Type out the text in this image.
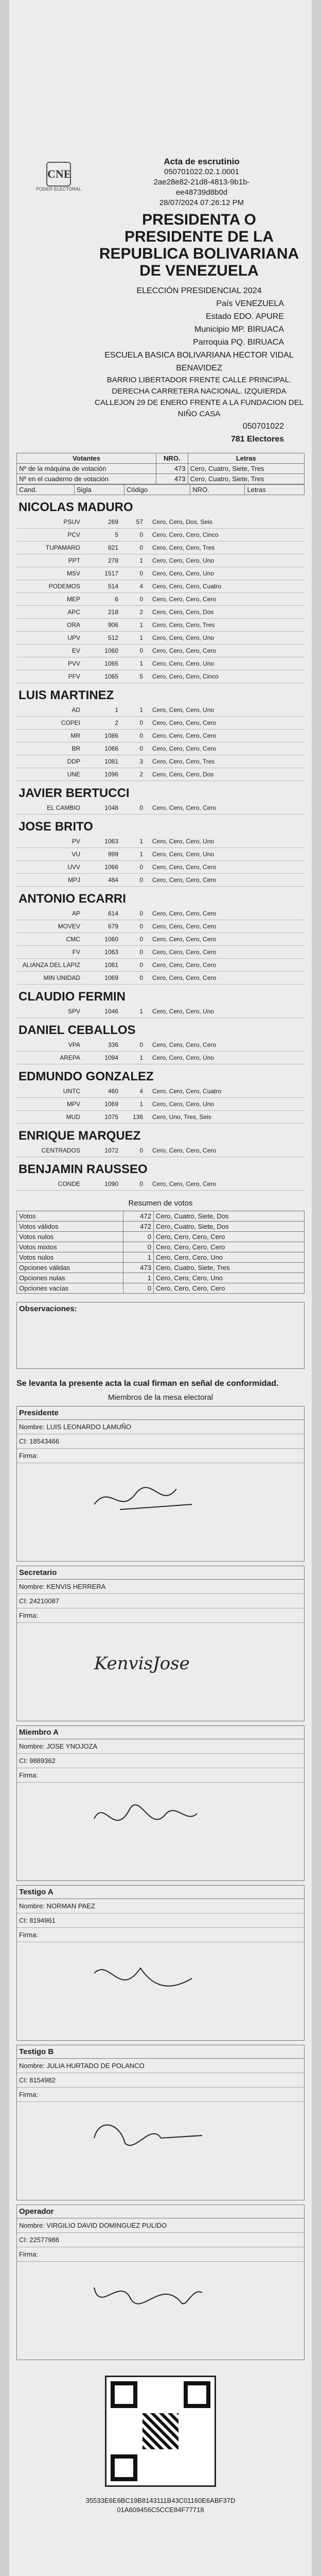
CNE
PODER ELECTORAL
Acta de escrutinio
050701022.02.1.0001
2ae28e82-21d8-4813-9b1b-
ee48739d8b0d
28/07/2024 07:26:12 PM
PRESIDENTA O PRESIDENTE DE LA REPUBLICA BOLIVARIANA DE VENEZUELA
ELECCIÓN PRESIDENCIAL 2024
País VENEZUELA
Estado EDO. APURE
Municipio MP. BIRUACA
Parroquia PQ. BIRUACA
ESCUELA BASICA BOLIVARIANA HECTOR VIDAL BENAVIDEZ
BARRIO LIBERTADOR FRENTE CALLE PRINCIPAL. DERECHA CARRETERA NACIONAL. IZQUIERDA CALLEJON 29 DE ENERO FRENTE A LA FUNDACION DEL NIÑO CASA
050701022
781 Electores
Votantes	NRO.	Letras
Nº de la máquina de votación	473	Cero, Cuatro, Siete, Tres
Nº en el cuaderno de votación	473	Cero, Cuatro, Siete, Tres
Cand.	Sigla	Código	NRO.	Letras
NICOLAS MADURO
PSUV	269	57	Cero, Cero, Dos, Seis
PCV	5	0	Cero, Cero, Cero, Cinco
TUPAMARO	821	0	Cero, Cero, Cero, Tres
PPT	278	1	Cero, Cero, Cero, Uno
MSV	1517	0	Cero, Cero, Cero, Uno
PODEMOS	514	4	Cero, Cero, Cero, Cuatro
MEP	6	0	Cero, Cero, Cero, Cero
APC	218	2	Cero, Cero, Cero, Dos
ORA	906	1	Cero, Cero, Cero, Tres
UPV	512	1	Cero, Cero, Cero, Uno
EV	1060	0	Cero, Cero, Cero, Cero
PVV	1065	1	Cero, Cero, Cero, Uno
PFV	1065	5	Cero, Cero, Cero, Cinco
LUIS MARTINEZ
AD	1	1	Cero, Cero, Cero, Uno
COPEI	2	0	Cero, Cero, Cero, Cero
MR	1086	0	Cero, Cero, Cero, Cero
BR	1066	0	Cero, Cero, Cero, Cero
DDP	1081	3	Cero, Cero, Cero, Tres
UNE	1096	2	Cero, Cero, Cero, Dos
JAVIER BERTUCCI
EL CAMBIO	1048	0	Cero, Cero, Cero, Cero
JOSE BRITO
PV	1063	1	Cero, Cero, Cero, Uno
VU	999	1	Cero, Cero, Cero, Uno
UVV	1066	0	Cero, Cero, Cero, Cero
MPJ	484	0	Cero, Cero, Cero, Cero
ANTONIO ECARRI
AP	614	0	Cero, Cero, Cero, Cero
MOVEV	679	0	Cero, Cero, Cero, Cero
CMC	1060	0	Cero, Cero, Cero, Cero
FV	1063	0	Cero, Cero, Cero, Cero
ALIANZA DEL LAPIZ	1061	0	Cero, Cero, Cero, Cero
MIN UNIDAD	1069	0	Cero, Cero, Cero, Cero
CLAUDIO FERMIN
SPV	1046	1	Cero, Cero, Cero, Uno
DANIEL CEBALLOS
VPA	336	0	Cero, Cero, Cero, Cero
AREPA	1094	1	Cero, Cero, Cero, Uno
EDMUNDO GONZALEZ
UNTC	460	4	Cero, Cero, Cero, Cuatro
MPV	1069	1	Cero, Cero, Cero, Uno
MUD	1075	136	Cero, Uno, Tres, Seis
ENRIQUE MARQUEZ
CENTRADOS	1072	0	Cero, Cero, Cero, Cero
BENJAMIN RAUSSEO
CONDE	1090	0	Cero, Cero, Cero, Cero
Resumen de votos
Votos	472	Cero, Cuatro, Siete, Dos
Votos válidos	472	Cero, Cuatro, Siete, Dos
Votos nulos	0	Cero, Cero, Cero, Cero
Votos mixtos	0	Cero, Cero, Cero, Cero
Votos nulos	1	Cero, Cero, Cero, Uno
Opciones válidas	473	Cero, Cuatro, Siete, Tres
Opciones nulas	1	Cero, Cero, Cero, Uno
Opciones vacías	0	Cero, Cero, Cero, Cero
Observaciones:
Se levanta la presente acta la cual firman en señal de conformidad.
Miembros de la mesa electoral
Presidente
Nombre: LUIS LEONARDO LAMUÑO
CI: 18543466
Firma:
Secretario
Nombre: KENVIS HERRERA
CI: 24210087
Firma:
KenvisJose
Miembro A
Nombre: JOSE YNOJOZA
CI: 9889362
Firma:
Testigo A
Nombre: NORMAN PAEZ
CI: 8194961
Firma:
Testigo B
Nombre: JULIA HURTADO DE POLANCO
CI: 8154982
Firma:
Operador
Nombre: VIRGILIO DAVID DOMINGUEZ PULIDO
CI: 22577986
Firma:
35533E6E6BC19B8143111B43C01160E6ABF37D
01A609456C5CCE84F77718
